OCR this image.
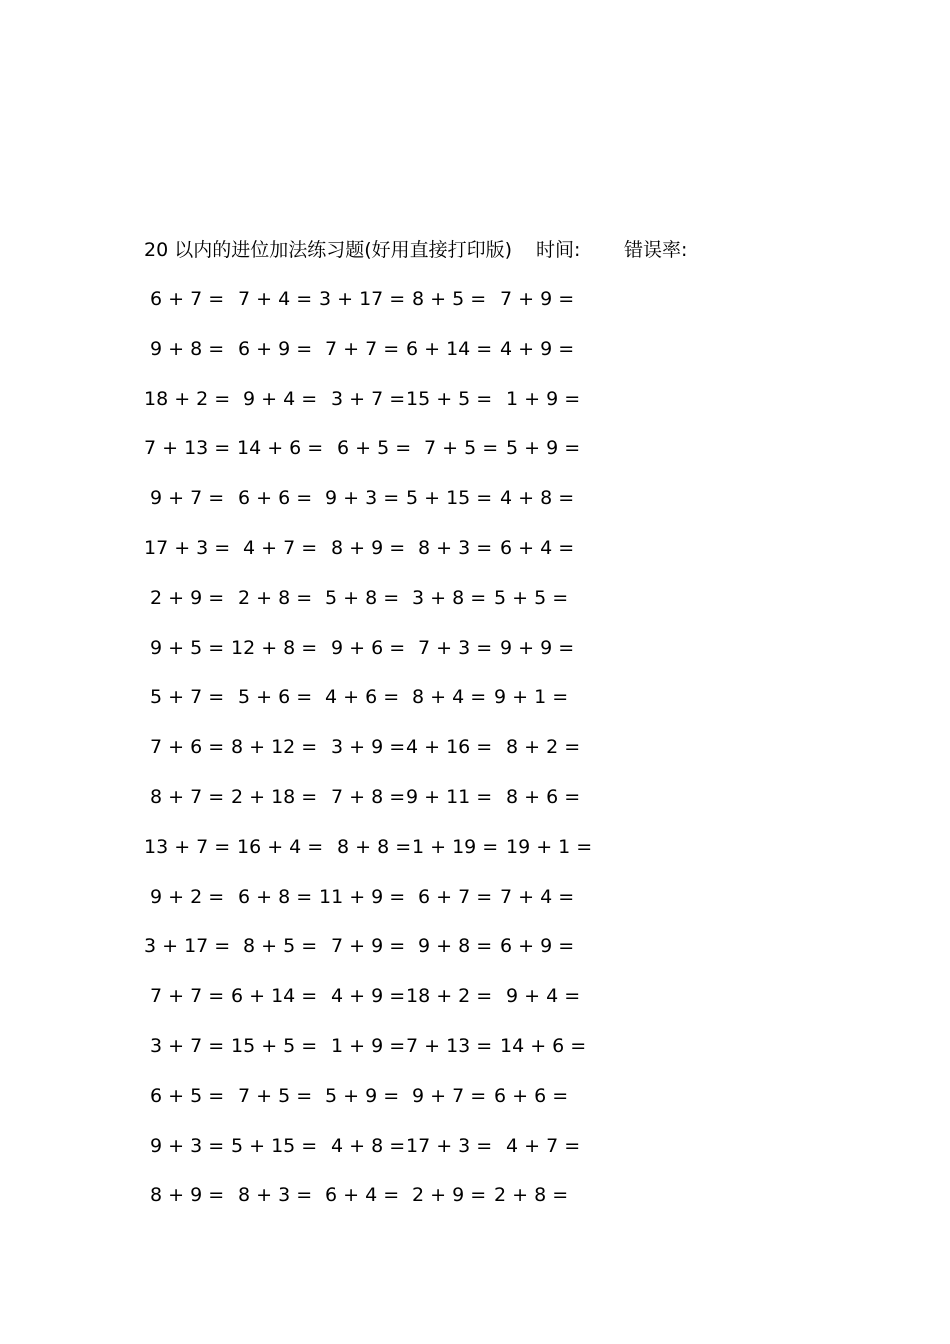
20 以内的进位加法练习题(好用直接打印版) 时间: 错误率:
6 + 7 = 7 + 4 = 3 + 17 = 8 + 5 = 7 + 9 =
9 + 8 = 6 + 9 = 7 + 7 = 6 + 14 = 4 + 9 =
18 + 2 = 9 + 4 = 3 + 7 = 15 + 5 = 1 + 9 =
7 + 13 = 14 + 6 = 6 + 5 = 7 + 5 = 5 + 9 =
9 + 7 = 6 + 6 = 9 + 3 = 5 + 15 = 4 + 8 =
17 + 3 = 4 + 7 = 8 + 9 = 8 + 3 = 6 + 4 =
2 + 9 = 2 + 8 = 5 + 8 = 3 + 8 = 5 + 5 =
9 + 5 = 12 + 8 = 9 + 6 = 7 + 3 = 9 + 9 =
5 + 7 = 5 + 6 = 4 + 6 = 8 + 4 = 9 + 1 =
7 + 6 = 8 + 12 = 3 + 9 = 4 + 16 = 8 + 2 =
8 + 7 = 2 + 18 = 7 + 8 = 9 + 11 = 8 + 6 =
13 + 7 = 16 + 4 = 8 + 8 = 1 + 19 = 19 + 1 =
9 + 2 = 6 + 8 = 11 + 9 = 6 + 7 = 7 + 4 =
3 + 17 = 8 + 5 = 7 + 9 = 9 + 8 = 6 + 9 =
7 + 7 = 6 + 14 = 4 + 9 = 18 + 2 = 9 + 4 =
3 + 7 = 15 + 5 = 1 + 9 = 7 + 13 = 14 + 6 =
6 + 5 = 7 + 5 = 5 + 9 = 9 + 7 = 6 + 6 =
9 + 3 = 5 + 15 = 4 + 8 = 17 + 3 = 4 + 7 =
8 + 9 = 8 + 3 = 6 + 4 = 2 + 9 = 2 + 8 =
